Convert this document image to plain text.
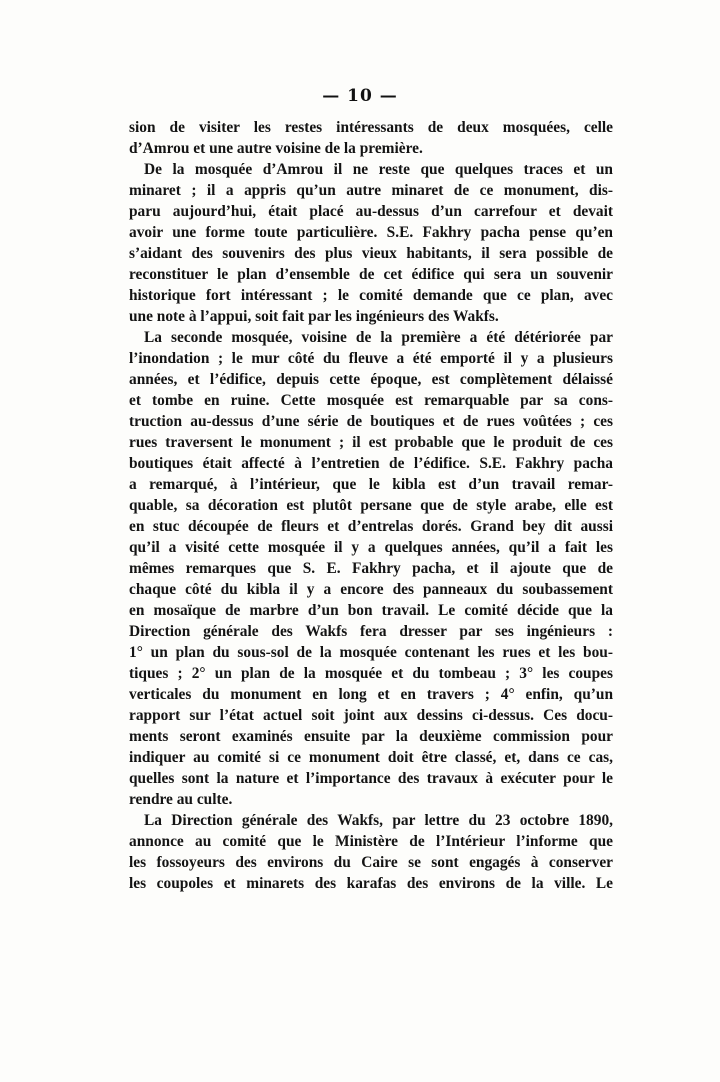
— 10 —
sion de visiter les restes intéressants de deux mosquées, celle
d’Amrou et une autre voisine de la première.
De la mosquée d’Amrou il ne reste que quelques traces et un
minaret ; il a appris qu’un autre minaret de ce monument, dis-
paru aujourd’hui, était placé au-dessus d’un carrefour et devait
avoir une forme toute particulière. S.E. Fakhry pacha pense qu’en
s’aidant des souvenirs des plus vieux habitants, il sera possible de
reconstituer le plan d’ensemble de cet édifice qui sera un souvenir
historique fort intéressant ; le comité demande que ce plan, avec
une note à l’appui, soit fait par les ingénieurs des Wakfs.
La seconde mosquée, voisine de la première a été détériorée par
l’inondation ; le mur côté du fleuve a été emporté il y a plusieurs
années, et l’édifice, depuis cette époque, est complètement délaissé
et tombe en ruine. Cette mosquée est remarquable par sa cons-
truction au-dessus d’une série de boutiques et de rues voûtées ; ces
rues traversent le monument ; il est probable que le produit de ces
boutiques était affecté à l’entretien de l’édifice. S.E. Fakhry pacha
a remarqué, à l’intérieur, que le kibla est d’un travail remar-
quable, sa décoration est plutôt persane que de style arabe, elle est
en stuc découpée de fleurs et d’entrelas dorés. Grand bey dit aussi
qu’il a visité cette mosquée il y a quelques années, qu’il a fait les
mêmes remarques que S. E. Fakhry pacha, et il ajoute que de
chaque côté du kibla il y a encore des panneaux du soubassement
en mosaïque de marbre d’un bon travail. Le comité décide que la
Direction générale des Wakfs fera dresser par ses ingénieurs :
1° un plan du sous-sol de la mosquée contenant les rues et les bou-
tiques ; 2° un plan de la mosquée et du tombeau ; 3° les coupes
verticales du monument en long et en travers ; 4° enfin, qu’un
rapport sur l’état actuel soit joint aux dessins ci-dessus. Ces docu-
ments seront examinés ensuite par la deuxième commission pour
indiquer au comité si ce monument doit être classé, et, dans ce cas,
quelles sont la nature et l’importance des travaux à exécuter pour le
rendre au culte.
La Direction générale des Wakfs, par lettre du 23 octobre 1890,
annonce au comité que le Ministère de l’Intérieur l’informe que
les fossoyeurs des environs du Caire se sont engagés à conserver
les coupoles et minarets des karafas des environs de la ville. Le
